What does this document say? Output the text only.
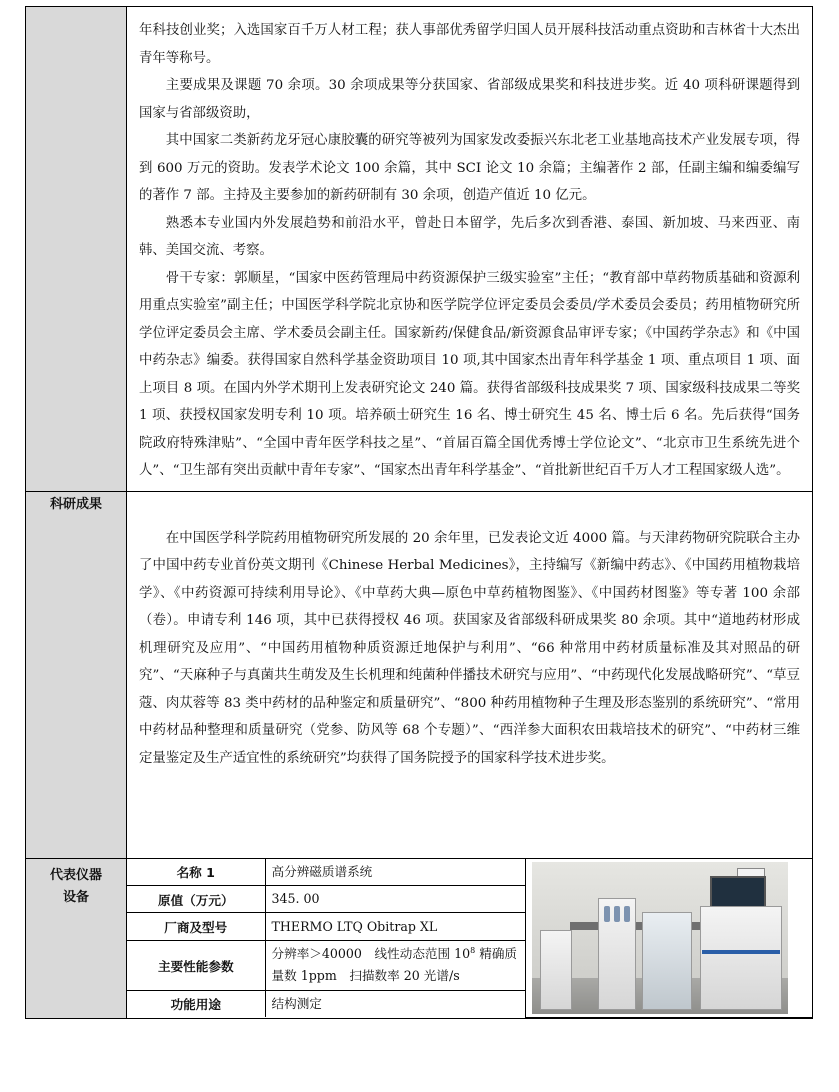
年科技创业奖；入选国家百千万人材工程；获人事部优秀留学归国人员开展科技活动重点资助和吉林省十大杰出青年等称号。

主要成果及课题 70 余项。30 余项成果等分获国家、省部级成果奖和科技进步奖。近 40 项科研课题得到国家与省部级资助，

其中国家二类新药龙牙冠心康胶囊的研究等被列为国家发改委振兴东北老工业基地高技术产业发展专项，得到 600 万元的资助。发表学术论文 100 余篇，其中 SCI 论文 10 余篇；主编著作 2 部，任副主编和编委编写的著作 7 部。主持及主要参加的新药研制有 30 余项，创造产值近 10 亿元。

熟悉本专业国内外发展趋势和前沿水平，曾赴日本留学，先后多次到香港、泰国、新加坡、马来西亚、南韩、美国交流、考察。

骨干专家：郭顺星，“国家中医药管理局中药资源保护三级实验室”主任；“教育部中草药物质基础和资源利用重点实验室”副主任；中国医学科学院北京协和医学院学位评定委员会委员/学术委员会委员；药用植物研究所学位评定委员会主席、学术委员会副主任。国家新药/保健食品/新资源食品审评专家；《中国药学杂志》和《中国中药杂志》编委。获得国家自然科学基金资助项目 10 项,其中国家杰出青年科学基金 1 项、重点项目 1 项、面上项目 8 项。在国内外学术期刊上发表研究论文 240 篇。获得省部级科技成果奖 7 项、国家级科技成果二等奖 1 项、获授权国家发明专利 10 项。培养硕士研究生 16 名、博士研究生 45 名、博士后 6 名。先后获得“国务院政府特殊津贴”、“全国中青年医学科技之星”、“首届百篇全国优秀博士学位论文”、“北京市卫生系统先进个人”、“卫生部有突出贡献中青年专家”、“国家杰出青年科学基金”、“首批新世纪百千万人才工程国家级人选”。

科研成果	

在中国医学科学院药用植物研究所发展的 20 余年里，已发表论文近 4000 篇。与天津药物研究院联合主办了中国中药专业首份英文期刊《Chinese Herbal Medicines》，主持编写《新编中药志》、《中国药用植物栽培学》、《中药资源可持续利用导论》、《中草药大典—原色中草药植物图鉴》、《中国药材图鉴》等专著 100 余部（卷）。申请专利 146 项，其中已获得授权 46 项。获国家及省部级科研成果奖 80 余项。其中“道地药材形成机理研究及应用”、“中国药用植物种质资源迁地保护与利用”、“66 种常用中药材质量标准及其对照品的研究”、“天麻种子与真菌共生萌发及生长机理和纯菌种伴播技术研究与应用”、“中药现代化发展战略研究”、“草豆蔻、肉苁蓉等 83 类中药材的品种鉴定和质量研究”、“800 种药用植物种子生理及形态鉴别的系统研究”、“常用中药材品种整理和质量研究（党参、防风等 68 个专题）”、“西洋参大面积农田栽培技术的研究”、“中药材三维定量鉴定及生产适宜性的系统研究”均获得了国务院授予的国家科学技术进步奖。

代表仪器设备	
名称 1	高分辨磁质谱系统	

原值（万元）	345. 00
厂商及型号	THERMO LTQ Obitrap XL
主要性能参数	分辨率＞40000　线性动态范围 $10^8$ 精确质量数 1ppm　扫描数率 20 光谱/s
功能用途	结构测定
